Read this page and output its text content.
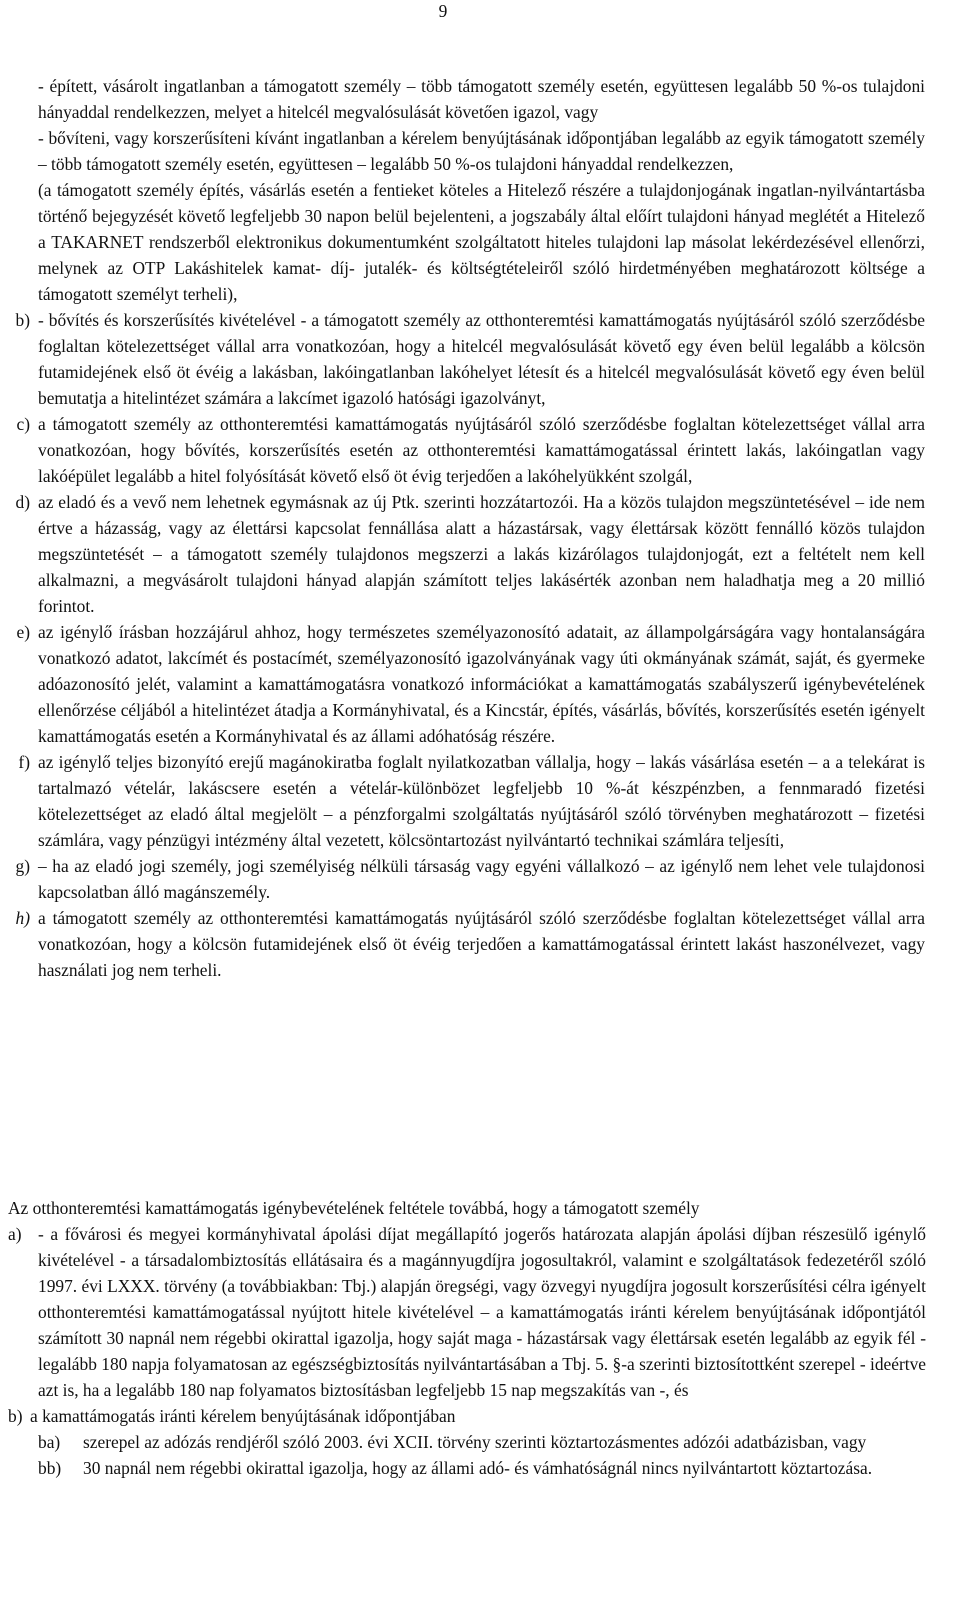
9

- épített, vásárolt ingatlanban a támogatott személy – több támogatott személy esetén, együttesen legalább 50 %-os tulajdoni hányaddal rendelkezzen, melyet a hitelcél megvalósulását követően igazol, vagy

- bővíteni, vagy korszerűsíteni kívánt ingatlanban a kérelem benyújtásának időpontjában legalább az egyik támogatott személy – több támogatott személy esetén, együttesen – legalább 50 %-os tulajdoni hányaddal rendelkezzen,

(a támogatott személy építés, vásárlás esetén a fentieket köteles a Hitelező részére a tulajdonjogának ingatlan-nyilvántartásba történő bejegyzését követő legfeljebb 30 napon belül bejelenteni, a jogszabály által előírt tulajdoni hányad meglétét a Hitelező a TAKARNET rendszerből elektronikus dokumentumként szolgáltatott hiteles tulajdoni lap másolat lekérdezésével ellenőrzi, melynek az OTP Lakáshitelek kamat- díj- jutalék- és költségtételeiről szóló hirdetményében meghatározott költsége a támogatott személyt terheli),

b) - bővítés és korszerűsítés kivételével - a támogatott személy az otthonteremtési kamattámogatás nyújtásáról szóló szerződésbe foglaltan kötelezettséget vállal arra vonatkozóan, hogy a hitelcél megvalósulását követő egy éven belül legalább a kölcsön futamidejének első öt évéig a lakásban, lakóingatlanban lakóhelyet létesít és a hitelcél megvalósulását követő egy éven belül bemutatja a hitelintézet számára a lakcímet igazoló hatósági igazolványt,
c) a támogatott személy az otthonteremtési kamattámogatás nyújtásáról szóló szerződésbe foglaltan kötelezettséget vállal arra vonatkozóan, hogy bővítés, korszerűsítés esetén az otthonteremtési kamattámogatással érintett lakás, lakóingatlan vagy lakóépület legalább a hitel folyósítását követő első öt évig terjedően a lakóhelyükként szolgál,
d) az eladó és a vevő nem lehetnek egymásnak az új Ptk. szerinti hozzátartozói. Ha a közös tulajdon megszüntetésével – ide nem értve a házasság, vagy az élettársi kapcsolat fennállása alatt a házastársak, vagy élettársak között fennálló közös tulajdon megszüntetését – a támogatott személy tulajdonos megszerzi a lakás kizárólagos tulajdonjogát, ezt a feltételt nem kell alkalmazni, a megvásárolt tulajdoni hányad alapján számított teljes lakásérték azonban nem haladhatja meg a 20 millió forintot.
e) az igénylő írásban hozzájárul ahhoz, hogy természetes személyazonosító adatait, az állampolgárságára vagy hontalanságára vonatkozó adatot, lakcímét és postacímét, személyazonosító igazolványának vagy úti okmányának számát, saját, és gyermeke adóazonosító jelét, valamint a kamattámogatásra vonatkozó információkat a kamattámogatás szabályszerű igénybevételének ellenőrzése céljából a hitelintézet átadja a Kormányhivatal, és a Kincstár, építés, vásárlás, bővítés, korszerűsítés esetén igényelt kamattámogatás esetén a Kormányhivatal és az állami adóhatóság részére.
f) az igénylő teljes bizonyító erejű magánokiratba foglalt nyilatkozatban vállalja, hogy – lakás vásárlása esetén – a a telekárat is tartalmazó vételár, lakáscsere esetén a vételár-különbözet legfeljebb 10 %-át készpénzben, a fennmaradó fizetési kötelezettséget az eladó által megjelölt – a pénzforgalmi szolgáltatás nyújtásáról szóló törvényben meghatározott – fizetési számlára, vagy pénzügyi intézmény által vezetett, kölcsöntartozást nyilvántartó technikai számlára teljesíti,
g) – ha az eladó jogi személy, jogi személyiség nélküli társaság vagy egyéni vállalkozó – az igénylő nem lehet vele tulajdonosi kapcsolatban álló magánszemély.
h) a támogatott személy az otthonteremtési kamattámogatás nyújtásáról szóló szerződésbe foglaltan kötelezettséget vállal arra vonatkozóan, hogy a kölcsön futamidejének első öt évéig terjedően a kamattámogatással érintett lakást haszonélvezet, vagy használati jog nem terheli.

Az otthonteremtési kamattámogatás igénybevételének feltétele továbbá, hogy a támogatott személy

a) - a fővárosi és megyei kormányhivatal ápolási díjat megállapító jogerős határozata alapján ápolási díjban részesülő igénylő kivételével - a társadalombiztosítás ellátásaira és a magánnyugdíjra jogosultakról, valamint e szolgáltatások fedezetéről szóló 1997. évi LXXX. törvény (a továbbiakban: Tbj.) alapján öregségi, vagy özvegyi nyugdíjra jogosult korszerűsítési célra igényelt otthonteremtési kamattámogatással nyújtott hitele kivételével – a kamattámogatás iránti kérelem benyújtásának időpontjától számított 30 napnál nem régebbi okirattal igazolja, hogy saját maga - házastársak vagy élettársak esetén legalább az egyik fél - legalább 180 napja folyamatosan az egészségbiztosítás nyilvántartásában a Tbj. 5. §-a szerinti biztosítottként szerepel - ideértve azt is, ha a legalább 180 nap folyamatos biztosításban legfeljebb 15 nap megszakítás van -, és
b) a kamattámogatás iránti kérelem benyújtásának időpontjában
ba)	szerepel az adózás rendjéről szóló 2003. évi XCII. törvény szerinti köztartozásmentes adózói adatbázisban, vagy
bb)	30 napnál nem régebbi okirattal igazolja, hogy az állami adó- és vámhatóságnál nincs nyilvántartott köztartozása.
